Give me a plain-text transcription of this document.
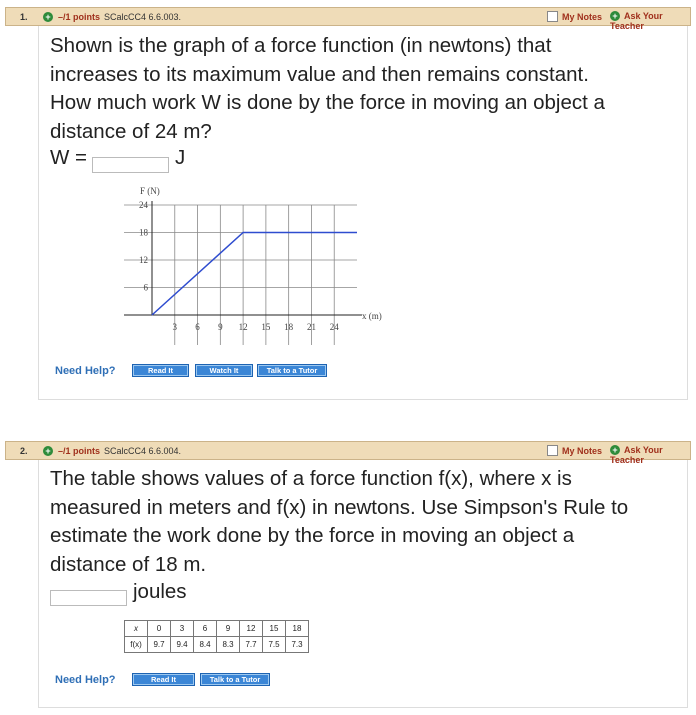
1. + –/1 points SCalcCC4 6.6.003.	My Notes + Ask Your Teacher
Shown is the graph of a force function (in newtons) that
increases to its maximum value and then remains constant.
How much work W is done by the force in moving an object a
distance of 24 m?
W =	J
3 6 9 12 15 18 21 24
6
12
18
24
F (N)
x (m)
Need Help?	Read It	Watch It	Talk to a Tutor
2. + –/1 points SCalcCC4 6.6.004.	My Notes + Ask Your Teacher
The table shows values of a force function f(x), where x is
measured in meters and f(x) in newtons. Use Simpson's Rule to
estimate the work done by the force in moving an object a
distance of 18 m.
joules
x	0	3	6	9	12	15	18
f(x)	9.7	9.4	8.4	8.3	7.7	7.5	7.3
Need Help?	Read It	Talk to a Tutor
